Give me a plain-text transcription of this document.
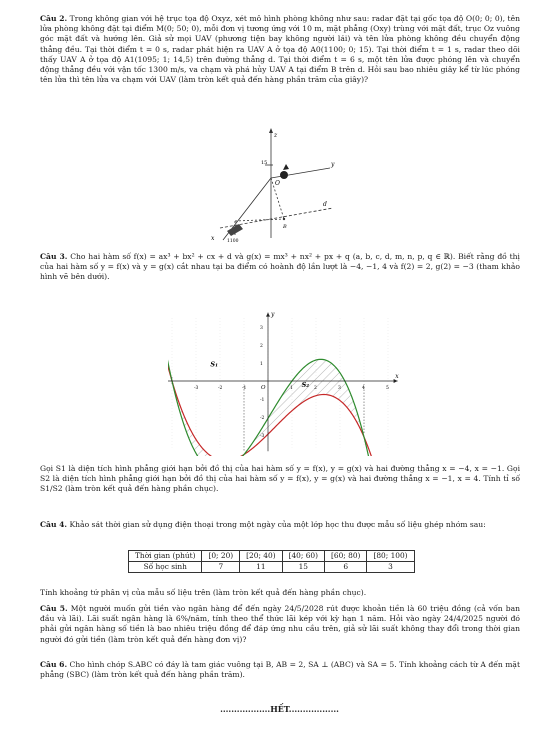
Câu 2. Trong không gian với hệ trục tọa độ Oxyz, xét mô hình phòng không như sau: radar đặt tại gốc tọa độ O(0; 0; 0), tên lửa phòng không đặt tại điểm M(0; 50; 0), mỗi đơn vị tương ứng với 10 m, mặt phẳng (Oxy) trùng với mặt đất, trục Oz vuông góc mặt đất và hướng lên. Giả sử mọi UAV (phương tiện bay không người lái) và tên lửa phòng không đều chuyển động thẳng đều. Tại thời điểm t = 0 s, radar phát hiện ra UAV A ở tọa độ A0(1100; 0; 15). Tại thời điểm t = 1 s, radar theo dõi thấy UAV A ở tọa độ A1(1095; 1; 14,5) trên đường thẳng d. Tại thời điểm t = 6 s, một tên lửa được phóng lên và chuyển động thẳng đều với vận tốc 1300 m/s, va chạm và phá hủy UAV A tại điểm B trên d. Hỏi sau bao nhiêu giây kể từ lúc phóng tên lửa thì tên lửa va chạm với UAV (làm tròn kết quả đến hàng phần trăm của giây)?
z
O
y
d
B
15
x	1100
Câu 3. Cho hai hàm số f(x) = ax³ + bx² + cx + d và g(x) = mx³ + nx² + px + q (a, b, c, d, m, n, p, q ∈ ℝ). Biết rằng đồ thị của hai hàm số y = f(x) và y = g(x) cắt nhau tại ba điểm có hoành độ lần lượt là −4, −1, 4 và f(2) = 2, g(2) = −3 (tham khảo hình vẽ bên dưới).
-3	-2	-1	1	2	3	4	5
3
2
1
-1
-2
-3
y
x
O
S₁
S₂
Gọi S1 là diện tích hình phẳng giới hạn bởi đồ thị của hai hàm số y = f(x), y = g(x) và hai đường thẳng x = −4, x = −1. Gọi S2 là diện tích hình phẳng giới hạn bởi đồ thị của hai hàm số y = f(x), y = g(x) và hai đường thẳng x = −1, x = 4. Tính tỉ số S1/S2 (làm tròn kết quả đến hàng phần chục).
Câu 4. Khảo sát thời gian sử dụng điện thoại trong một ngày của một lớp học thu được mẫu số liệu ghép nhóm sau:
Thời gian (phút)	[0; 20)	[20; 40)	[40; 60)	[60; 80)	[80; 100)
Số học sinh	7	11	15	6	3
Tính khoảng tứ phân vị của mẫu số liệu trên (làm tròn kết quả đến hàng phần chục).
Câu 5. Một người muốn gửi tiền vào ngân hàng để đến ngày 24/5/2028 rút được khoản tiền là 60 triệu đồng (cả vốn ban đầu và lãi). Lãi suất ngân hàng là 6%/năm, tính theo thể thức lãi kép với kỳ hạn 1 năm. Hỏi vào ngày 24/4/2025 người đó phải gửi ngân hàng số tiền là bao nhiêu triệu đồng để đáp ứng nhu cầu trên, giả sử lãi suất không thay đổi trong thời gian người đó gửi tiền (làm tròn kết quả đến hàng đơn vị)?
Câu 6. Cho hình chóp S.ABC có đáy là tam giác vuông tại B, AB = 2, SA ⊥ (ABC) và SA = 5. Tính khoảng cách từ A đến mặt phẳng (SBC) (làm tròn kết quả đến hàng phần trăm).
..................HẾT..................
